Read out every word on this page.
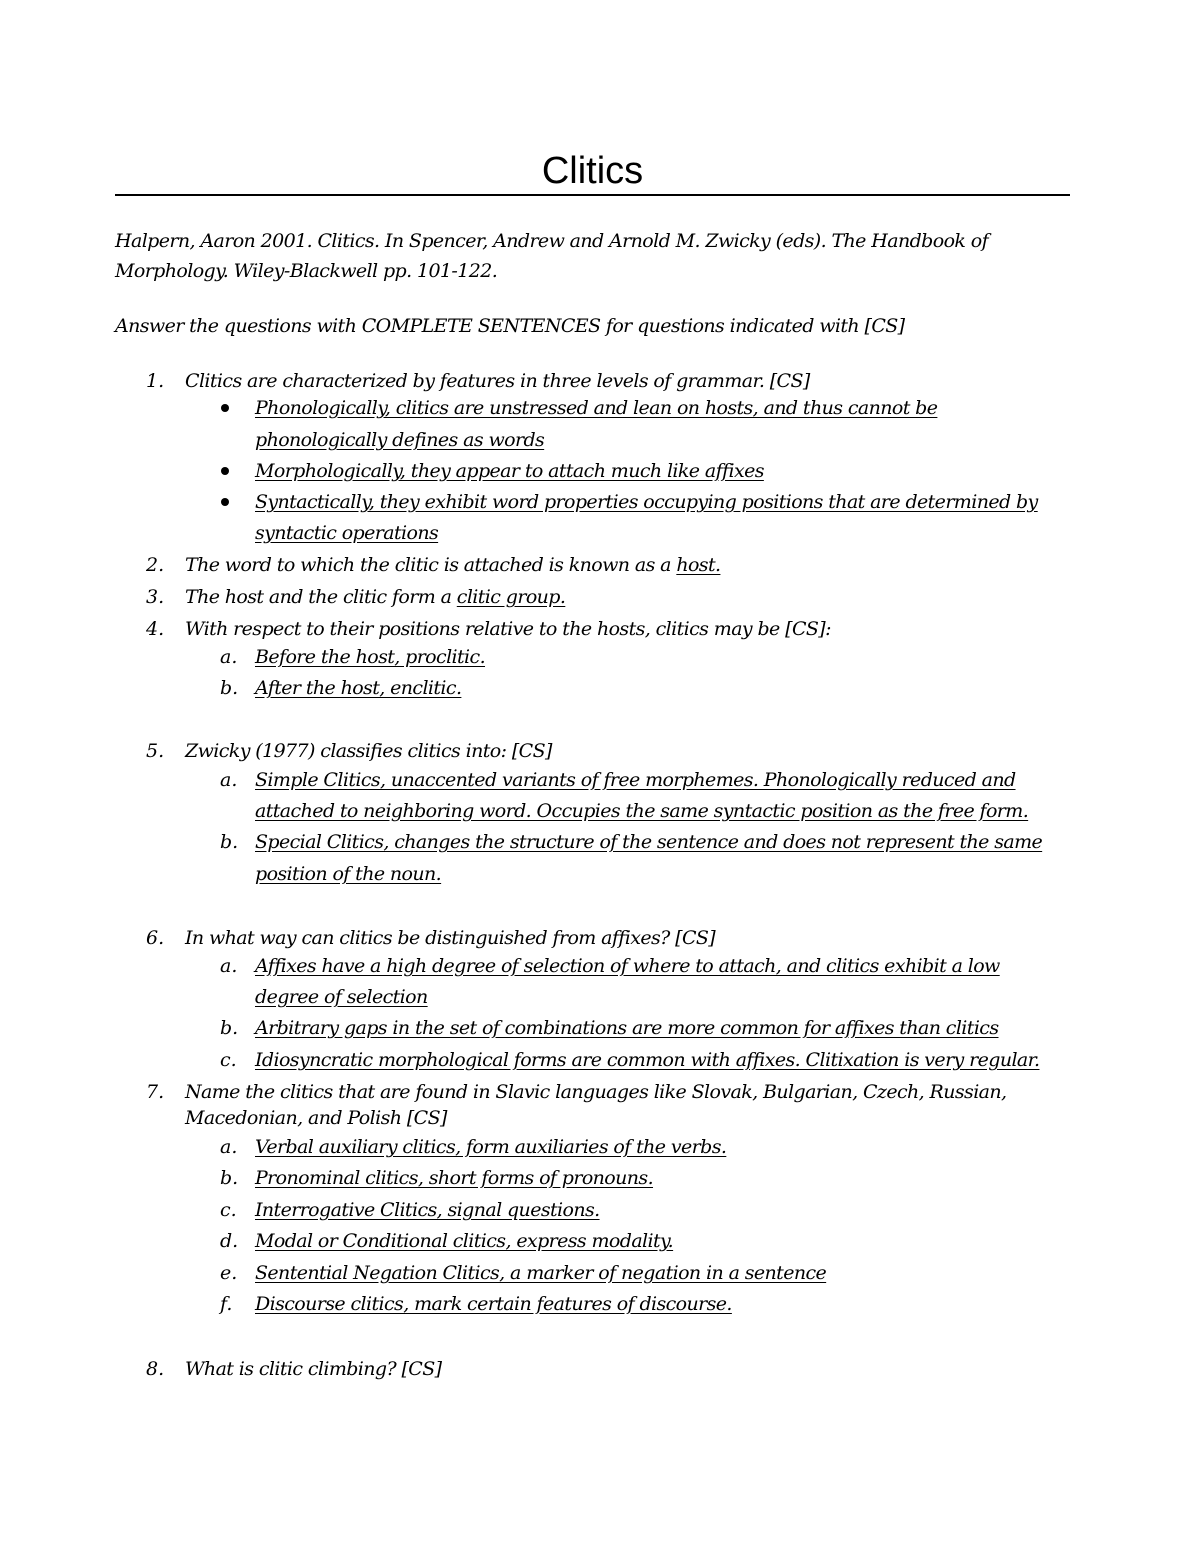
Clitics
Halpern, Aaron 2001. Clitics. In Spencer, Andrew and Arnold M. Zwicky (eds). The Handbook of
Morphology. Wiley-Blackwell pp. 101-122.
Answer the questions with COMPLETE SENTENCES for questions indicated with [CS]
1. Clitics are characterized by features in three levels of grammar. [CS]
Phonologically, clitics are unstressed and lean on hosts, and thus cannot be
phonologically defines as words
Morphologically, they appear to attach much like affixes
Syntactically, they exhibit word properties occupying positions that are determined by
syntactic operations
2. The word to which the clitic is attached is known as a host.
3. The host and the clitic form a clitic group.
4. With respect to their positions relative to the hosts, clitics may be [CS]:
a. Before the host, proclitic.
b. After the host, enclitic.
5. Zwicky (1977) classifies clitics into: [CS]
a. Simple Clitics, unaccented variants of free morphemes. Phonologically reduced and
attached to neighboring word. Occupies the same syntactic position as the free form.
b. Special Clitics, changes the structure of the sentence and does not represent the same
position of the noun.
6. In what way can clitics be distinguished from affixes? [CS]
a. Affixes have a high degree of selection of where to attach, and clitics exhibit a low
degree of selection
b. Arbitrary gaps in the set of combinations are more common for affixes than clitics
c. Idiosyncratic morphological forms are common with affixes. Clitixation is very regular.
7. Name the clitics that are found in Slavic languages like Slovak, Bulgarian, Czech, Russian,
Macedonian, and Polish [CS]
a. Verbal auxiliary clitics, form auxiliaries of the verbs.
b. Pronominal clitics, short forms of pronouns.
c. Interrogative Clitics, signal questions.
d. Modal or Conditional clitics, express modality.
e. Sentential Negation Clitics, a marker of negation in a sentence
f. Discourse clitics, mark certain features of discourse.
8. What is clitic climbing? [CS]
